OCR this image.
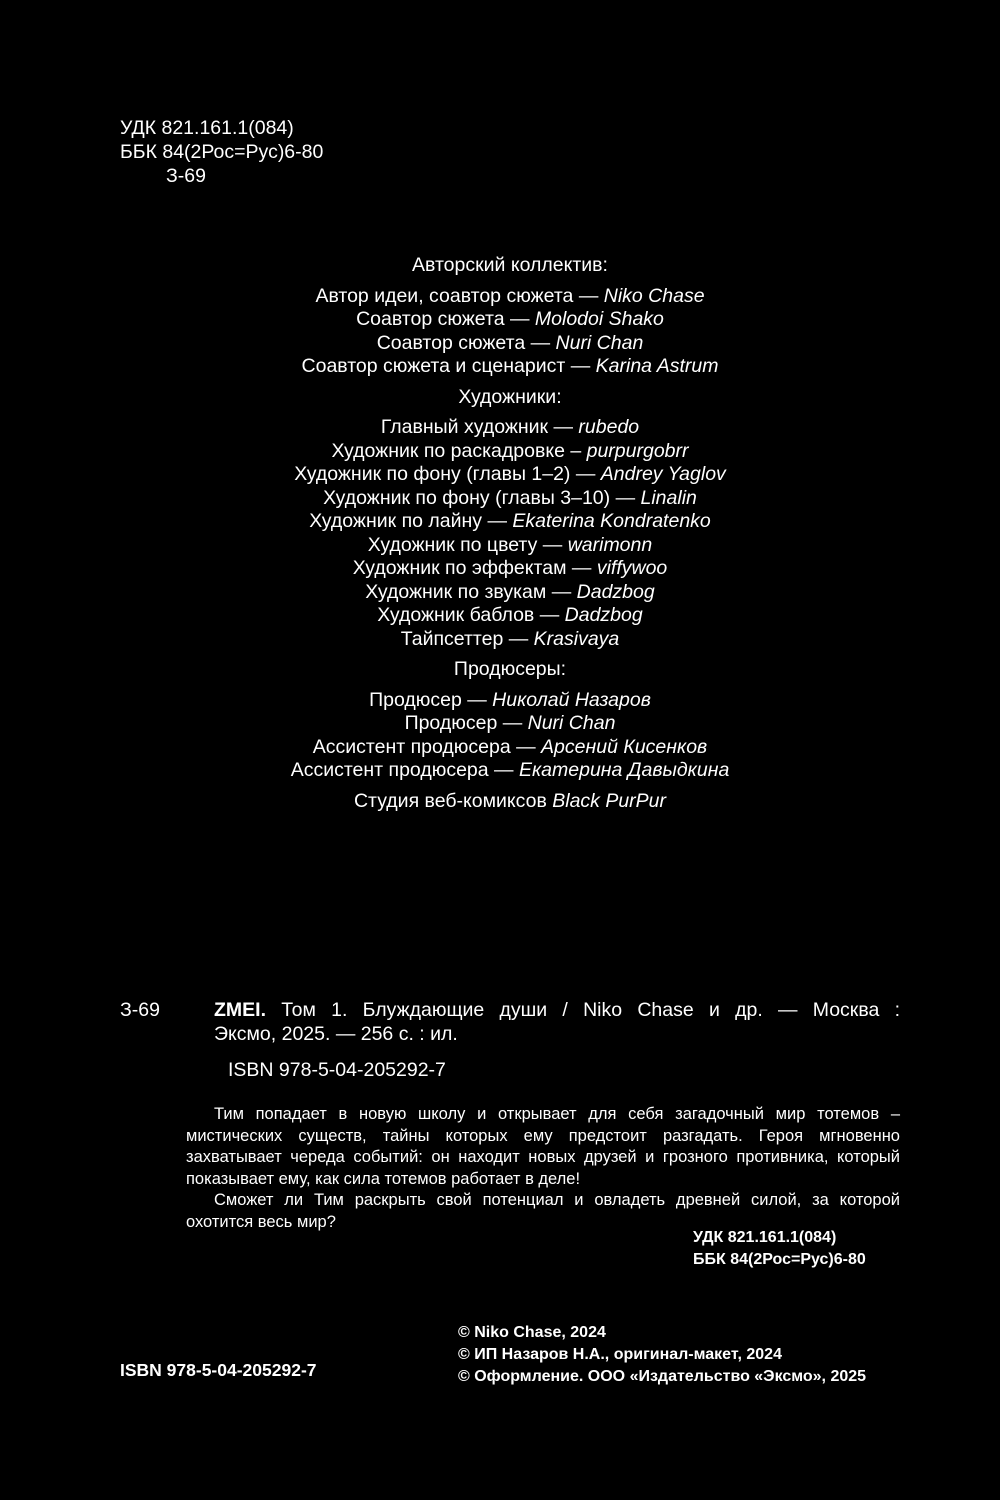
УДК 821.161.1(084)
ББК 84(2Рос=Рус)6-80
З-69
Авторский коллектив:
Автор идеи, соавтор сюжета — Niko Chase
Соавтор сюжета — Molodoi Shako
Соавтор сюжета — Nuri Chan
Соавтор сюжета и сценарист — Karina Astrum
Художники:
Главный художник — rubedo
Художник по раскадровке – purpurgobrr
Художник по фону (главы 1–2) — Andrey Yaglov
Художник по фону (главы 3–10) — Linalin
Художник по лайну — Ekaterina Kondratenko
Художник по цвету — warimonn
Художник по эффектам — viffywoo
Художник по звукам — Dadzbog
Художник баблов — Dadzbog
Тайпсеттер — Krasivaya
Продюсеры:
Продюсер — Николай Назаров
Продюсер — Nuri Chan
Ассистент продюсера — Арсений Кисенков
Ассистент продюсера — Екатерина Давыдкина
Студия веб-комиксов Black PurPur
З-69	ZMEI. Том 1. Блуждающие души / Niko Chase и др. — Москва :
Эксмо, 2025. — 256 с. : ил.
ISBN 978-5-04-205292-7

Тим попадает в новую школу и открывает для себя загадочный мир тотемов – мистических существ, тайны которых ему предстоит разгадать. Героя мгновенно захватывает череда событий: он находит новых друзей и грозного противника, который показывает ему, как сила тотемов работает в деле!

Сможет ли Тим раскрыть свой потенциал и овладеть древней силой, за которой охотится весь мир?

УДК 821.161.1(084)
ББК 84(2Рос=Рус)6-80
ISBN 978-5-04-205292-7
© Niko Chase, 2024
© ИП Назаров Н.А., оригинал-макет, 2024
© Оформление. ООО «Издательство «Эксмо», 2025
